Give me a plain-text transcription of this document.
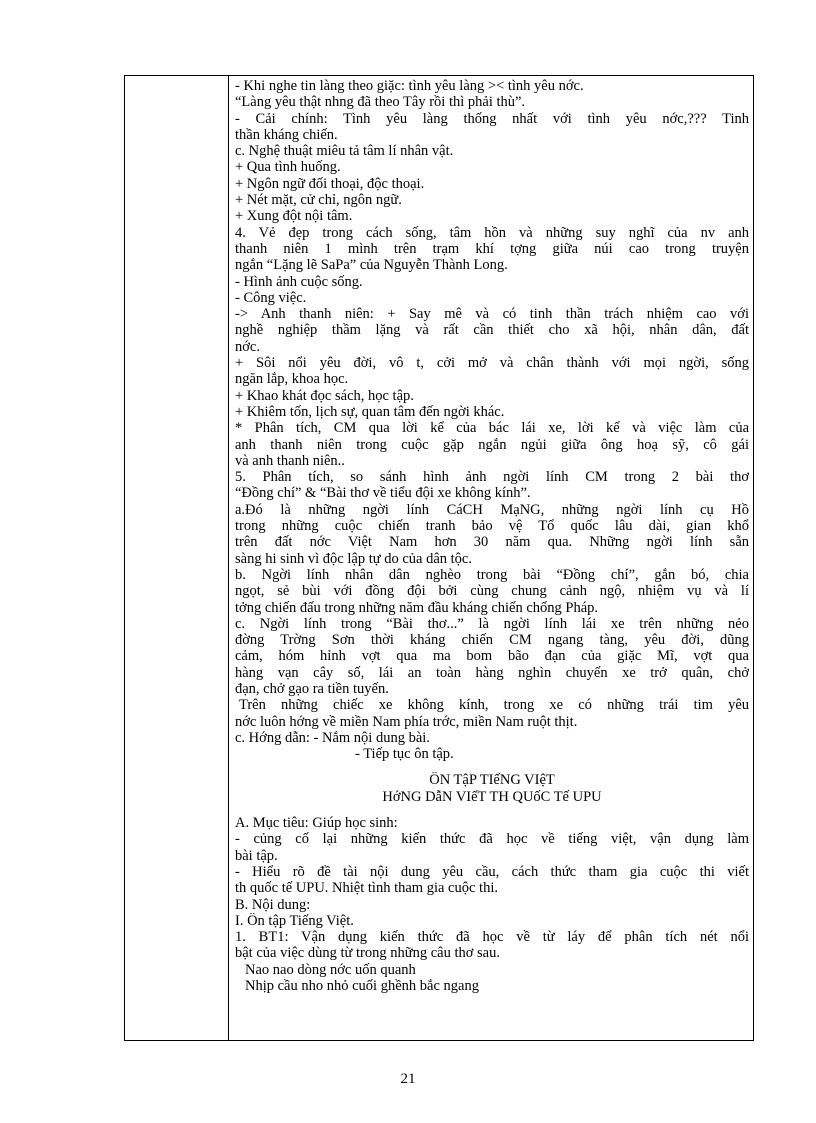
- Khi nghe tin làng theo giặc: tình yêu làng >< tình yêu nớc.
“Làng yêu thật nhng đã theo Tây rồi thì phải thù”.
- Cải chính: Tình yêu làng thống nhất với tình yêu nớc,??? Tinh
thần kháng chiến.
c. Nghệ thuật miêu tả tâm lí nhân vật.
+ Qua tình huống.
+ Ngôn ngữ đối thoại, độc thoại.
+ Nét mặt, cử chỉ, ngôn ngữ.
+ Xung đột nội tâm.
4. Vẻ đẹp trong cách sống, tâm hồn và những suy nghĩ của nv anh
thanh niên 1 mình trên trạm khí tợng giữa núi cao trong truyện
ngắn “Lặng lẽ SaPa” của Nguyễn Thành Long.
- Hình ảnh cuộc sống.
- Công việc.
-> Anh thanh niên: + Say mê và có tinh thần trách nhiệm cao với
nghề nghiệp thầm lặng và rất cần thiết cho xã hội, nhân dân, đất
nớc.
+ Sôi nổi yêu đời, vô t, cởi mở và chân thành với mọi ngời, sống
ngăn lắp, khoa học.
+ Khao khát đọc sách, học tập.
+ Khiêm tốn, lịch sự, quan tâm đến ngời khác.
* Phân tích, CM qua lời kể của bác lái xe, lời kể và việc làm của
anh thanh niên trong cuộc gặp ngắn ngủi giữa ông hoạ sỹ, cô gái
và anh thanh niên..
5. Phân tích, so sánh hình ảnh ngời lính CM trong 2 bài thơ
“Đồng chí” & “Bài thơ về tiểu đội xe không kính”.
a.Đó là những ngời lính CáCH MạNG, những ngời lính cụ Hồ
trong những cuộc chiến tranh bảo vệ Tổ quốc lâu dài, gian khổ
trên đất nớc Việt Nam hơn 30 năm qua. Những ngời lính sẵn
sàng hi sinh vì độc lập tự do của dân tộc.
b. Ngời lính nhân dân nghèo trong bài “Đồng chí”, gắn bó, chia
ngọt, sẻ bùi với đồng đội bởi cùng chung cảnh ngộ, nhiệm vụ và lí
tởng chiến đấu trong những năm đầu kháng chiến chống Pháp.
c. Ngời lính trong “Bài thơ...” là ngời lính lái xe trên những nẻo
đờng Trờng Sơn thời kháng chiến CM ngang tàng, yêu đời, dũng
cảm, hóm hỉnh vợt qua ma bom bão đạn của giặc Mĩ, vợt qua
hàng vạn cây số, lái an toàn hàng nghìn chuyến xe trở quân, chở
đạn, chở gạo ra tiền tuyến.
Trên những chiếc xe không kính, trong xe có những trái tim yêu
nớc luôn hớng về miền Nam phía trớc, miền Nam ruột thịt.
c. Hớng dẫn: - Nắm nội dung bài.
- Tiếp tục ôn tập.
ÔN TậP TIếNG VIệT
HớNG DẫN VIếT TH QUốC Tế UPU
A. Mục tiêu: Giúp học sinh:
- củng cố lại những kiến thức đã học về tiếng việt, vận dụng làm
bài tập.
- Hiểu rõ đề tài nội dung yêu cầu, cách thức tham gia cuộc thi viết
th quốc tế UPU. Nhiệt tình tham gia cuộc thi.
B. Nội dung:
I. Ôn tập Tiếng Việt.
1. BT1: Vận dụng kiến thức đã học về từ láy để phân tích nét nổi
bật của việc dùng từ trong những câu thơ sau.
Nao nao dòng nớc uốn quanh
Nhịp cầu nho nhỏ cuối ghềnh bắc ngang
21
